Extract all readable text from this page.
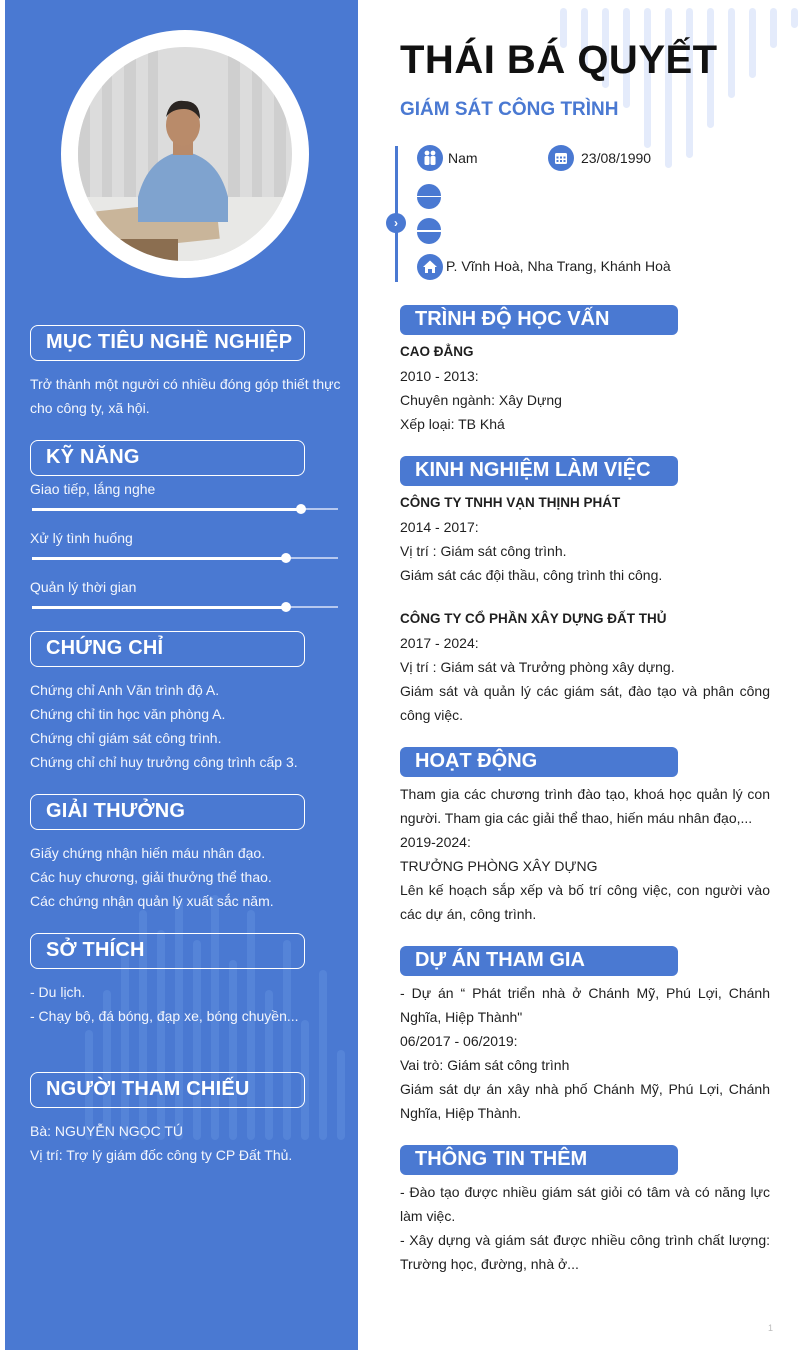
MỤC TIÊU NGHỀ NGHIỆP
Trở thành một người có nhiều đóng góp thiết thực cho công ty, xã hội.
KỸ NĂNG
Giao tiếp, lắng nghe
Xử lý tình huống
Quản lý thời gian
CHỨNG CHỈ
Chứng chỉ Anh Văn trình độ A.
Chứng chỉ tin học văn phòng A.
Chứng chỉ giám sát công trình.
Chứng chỉ chỉ huy trưởng công trình cấp 3.
GIẢI THƯỞNG
Giấy chứng nhận hiến máu nhân đạo.
Các huy chương, giải thưởng thể thao.
Các chứng nhận quản lý xuất sắc năm.
SỞ THÍCH
- Du lịch.
- Chạy bộ, đá bóng, đạp xe, bóng chuyền...
NGƯỜI THAM CHIẾU
Bà: NGUYỄN NGỌC TÚ
Vị trí: Trợ lý giám đốc công ty CP Đất Thủ.
THÁI BÁ QUYẾT
GIÁM SÁT CÔNG TRÌNH
›
Nam	23/08/1990
P. Vĩnh Hoà, Nha Trang, Khánh Hoà
TRÌNH ĐỘ HỌC VẤN
CAO ĐẲNG
2010 - 2013:
Chuyên ngành: Xây Dựng
Xếp loại: TB Khá
KINH NGHIỆM LÀM VIỆC
CÔNG TY TNHH VẠN THỊNH PHÁT
2014 - 2017:
Vị trí : Giám sát công trình.
Giám sát các đội thầu, công trình thi công.
CÔNG TY CỔ PHẦN XÂY DỰNG ĐẤT THỦ
2017 - 2024:
Vị trí : Giám sát và Trưởng phòng xây dựng.
Giám sát và quản lý các giám sát, đào tạo và phân công công việc.
HOẠT ĐỘNG
Tham gia các chương trình đào tạo, khoá học quản lý con người. Tham gia các giải thể thao, hiến máu nhân đạo,...
2019-2024:
TRƯỞNG PHÒNG XÂY DỰNG
Lên kế hoạch sắp xếp và bố trí công việc, con người vào các dự án, công trình.
DỰ ÁN THAM GIA
- Dự án “ Phát triển nhà ở Chánh Mỹ, Phú Lợi, Chánh Nghĩa, Hiệp Thành"
06/2017 - 06/2019:
Vai trò: Giám sát công trình
Giám sát dự án xây nhà phố Chánh Mỹ, Phú Lợi, Chánh Nghĩa, Hiệp Thành.
THÔNG TIN THÊM
- Đào tạo được nhiều giám sát giỏi có tâm và có năng lực làm việc.
- Xây dựng và giám sát được nhiều công trình chất lượng: Trường học, đường, nhà ở...
1
